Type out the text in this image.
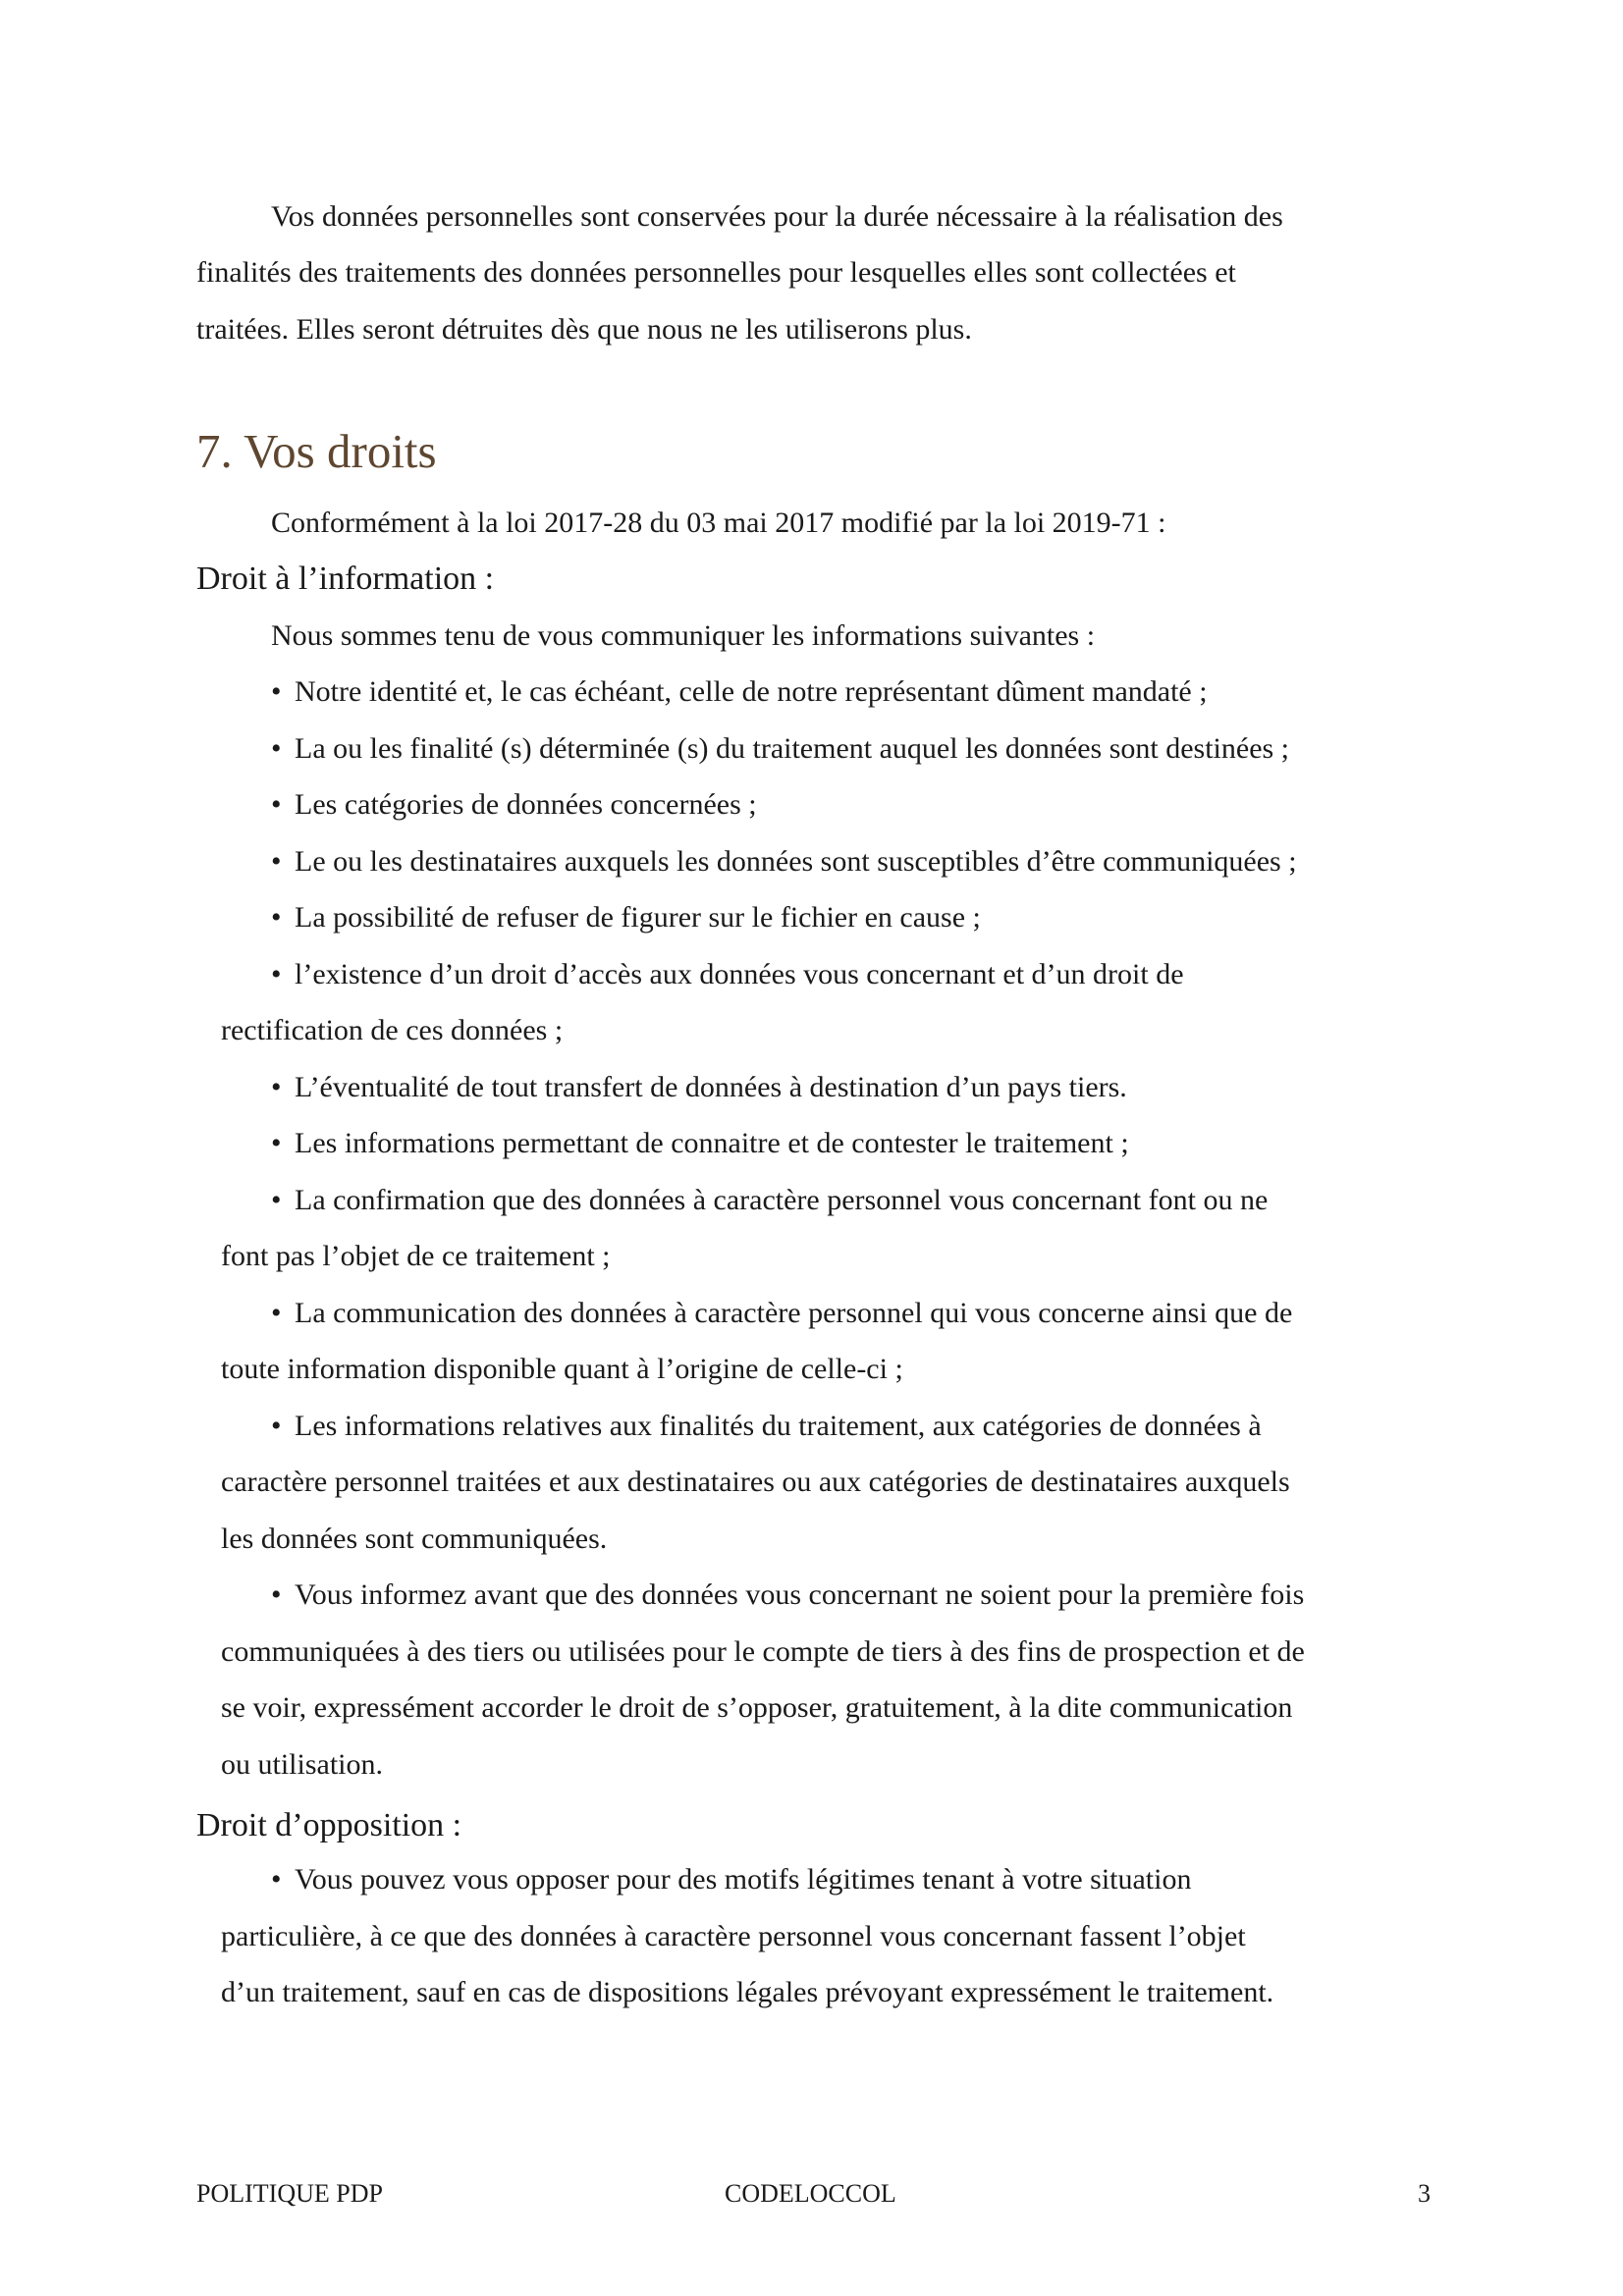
Vos données personnelles sont conservées pour la durée nécessaire à la réalisation des
finalités des traitements des données personnelles pour lesquelles elles sont collectées et
traitées. Elles seront détruites dès que nous ne les utiliserons plus.
7. Vos droits
Conformément à la loi 2017-28 du 03 mai 2017 modifié par la loi 2019-71 :
Droit à l’information :
Nous sommes tenu de vous communiquer les informations suivantes :
• Notre identité et, le cas échéant, celle de notre représentant dûment mandaté ;
• La ou les finalité (s) déterminée (s) du traitement auquel les données sont destinées ;
• Les catégories de données concernées ;
• Le ou les destinataires auxquels les données sont susceptibles d’être communiquées ;
• La possibilité de refuser de figurer sur le fichier en cause ;
• l’existence d’un droit d’accès aux données vous concernant et d’un droit de
rectification de ces données ;
• L’éventualité de tout transfert de données à destination d’un pays tiers.
• Les informations permettant de connaitre et de contester le traitement ;
• La confirmation que des données à caractère personnel vous concernant font ou ne
font pas l’objet de ce traitement ;
• La communication des données à caractère personnel qui vous concerne ainsi que de
toute information disponible quant à l’origine de celle-ci ;
• Les informations relatives aux finalités du traitement, aux catégories de données à
caractère personnel traitées et aux destinataires ou aux catégories de destinataires auxquels
les données sont communiquées.
• Vous informez avant que des données vous concernant ne soient pour la première fois
communiquées à des tiers ou utilisées pour le compte de tiers à des fins de prospection et de
se voir, expressément accorder le droit de s’opposer, gratuitement, à la dite communication
ou utilisation.
Droit d’opposition :
• Vous pouvez vous opposer pour des motifs légitimes tenant à votre situation
particulière, à ce que des données à caractère personnel vous concernant fassent l’objet
d’un traitement, sauf en cas de dispositions légales prévoyant expressément le traitement.
POLITIQUE PDP	CODELOCCOL	3
